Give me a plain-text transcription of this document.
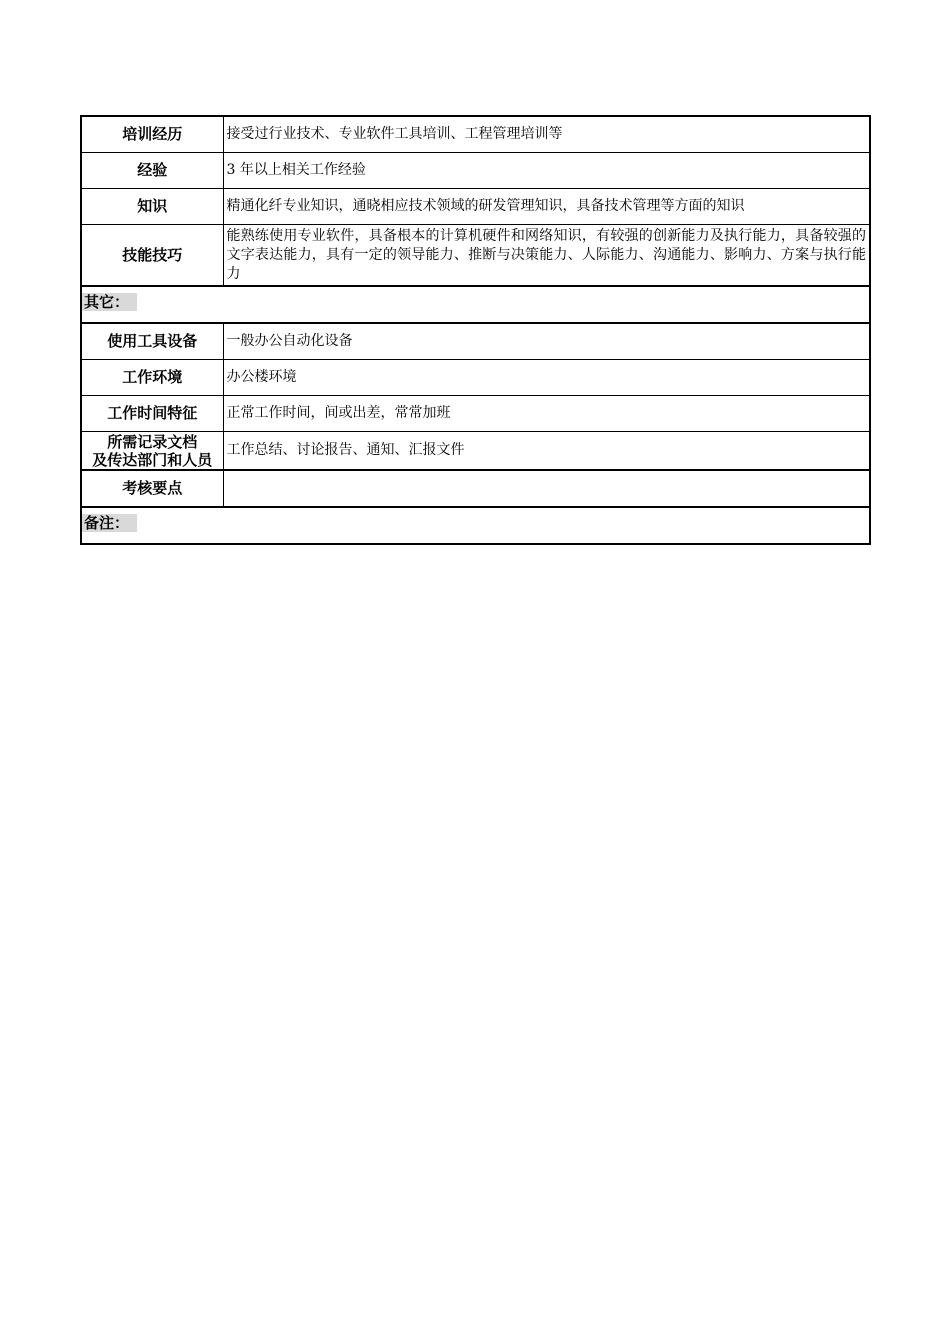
培训经历	接受过行业技术、专业软件工具培训、工程管理培训等
经验	3 年以上相关工作经验
知识	精通化纤专业知识，通晓相应技术领域的研发管理知识，具备技术管理等方面的知识
技能技巧	能熟练使用专业软件，具备根本的计算机硬件和网络知识，有较强的创新能力及执行能力，具备较强的文字表达能力，具有一定的领导能力、推断与决策能力、人际能力、沟通能力、影响力、方案与执行能力

其它：	

使用工具设备	一般办公自动化设备
工作环境	办公楼环境
工作时间特征	正常工作时间，间或出差，常常加班

所需记录文档
及传达部门和人员	工作总结、讨论报告、通知、汇报文件
考核要点	

备注：	
